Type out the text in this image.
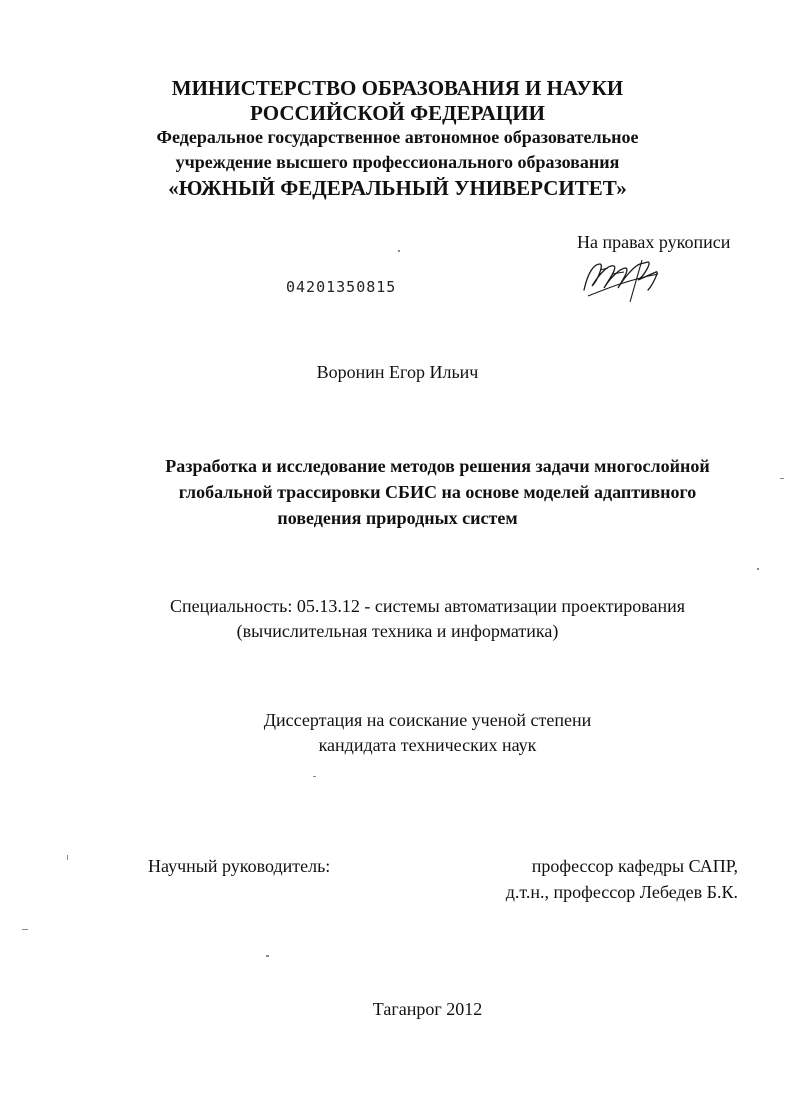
МИНИСТЕРСТВО ОБРАЗОВАНИЯ И НАУКИ
РОССИЙСКОЙ ФЕДЕРАЦИИ
Федеральное государственное автономное образовательное
учреждение высшего профессионального образования
«ЮЖНЫЙ ФЕДЕРАЛЬНЫЙ УНИВЕРСИТЕТ»
На правах рукописи
04201350815
Воронин Егор Ильич
Разработка и исследование методов решения задачи многослойной
глобальной трассировки СБИС на основе моделей адаптивного
поведения природных систем
Специальность: 05.13.12 - системы автоматизации проектирования
(вычислительная техника и информатика)
Диссертация на соискание ученой степени
кандидата технических наук
Научный руководитель:	профессор кафедры САПР,
д.т.н., профессор Лебедев Б.К.
Таганрог 2012
